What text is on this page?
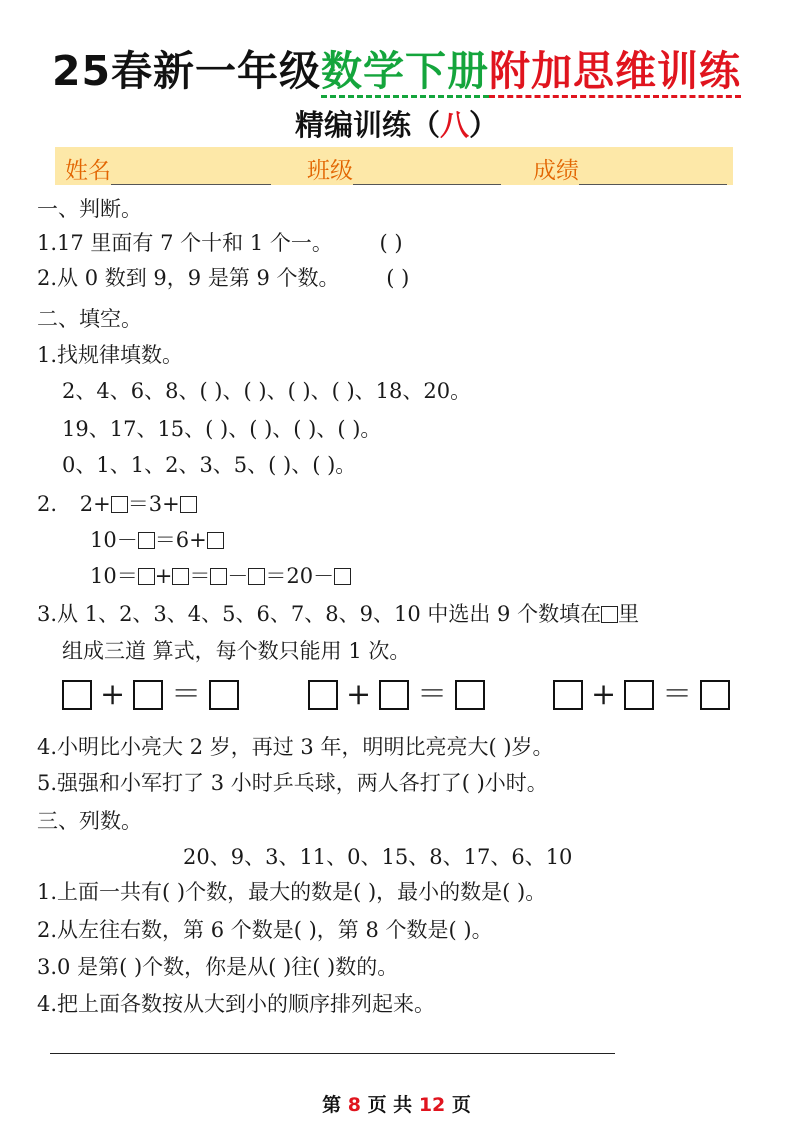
25春新一年级数学下册附加思维训练
精编训练（八）
姓名	班级	成绩
一、判断。
1.17 里面有 7 个十和 1 个一。 ( )
2.从 0 数到 9，9 是第 9 个数。 ( )
二、填空。
1.找规律填数。
2、4、6、8、( )、( )、( )、( )、18、20。
19、17、15、( )、( )、( )、( )。
0、1、1、2、3、5、( )、( )。
2. 2+ ＝3+
10－ ＝6+
10＝ + ＝ － ＝20－
3.从 1、2、3、4、5、6、7、8、9、10 中选出 9 个数填在 里
组成三道 算式，每个数只能用 1 次。
+ ＝	+ ＝	+ ＝
4.小明比小亮大 2 岁，再过 3 年，明明比亮亮大( )岁。
5.强强和小军打了 3 小时乒乓球，两人各打了( )小时。
三、列数。
20、9、3、11、0、15、8、17、6、10
1.上面一共有( )个数，最大的数是( )，最小的数是( )。
2.从左往右数，第 6 个数是( )，第 8 个数是( )。
3.0 是第( )个数，你是从( )往( )数的。
4.把上面各数按从大到小的顺序排列起来。
第 8 页 共 12 页
